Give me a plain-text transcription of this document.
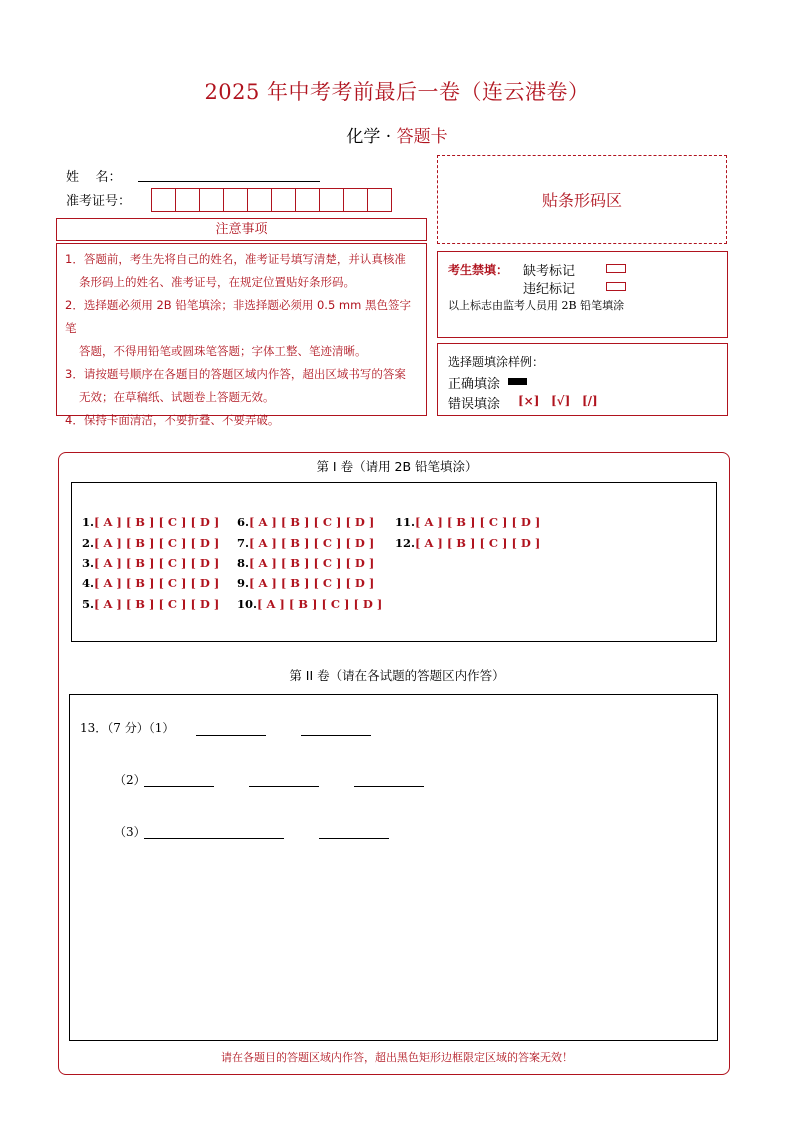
2025 年中考考前最后一卷（连云港卷）
化学 · 答题卡
姓    名：
准考证号：	贴条形码区
注意事项

1．答题前，考生先将自己的姓名，准考证号填写清楚，并认真核准

条形码上的姓名、准考证号，在规定位置贴好条形码。

2．选择题必须用 2B 铅笔填涂；非选择题必须用 0.5 mm 黑色签字笔

答题，不得用铅笔或圆珠笔答题；字体工整、笔迹清晰。

3．请按题号顺序在各题目的答题区域内作答，超出区域书写的答案

无效；在草稿纸、试题卷上答题无效。

4．保持卡面清洁，不要折叠、不要弄破。

考生禁填： 缺考标记
违纪标记
以上标志由监考人员用 2B 铅笔填涂
选择题填涂样例：
正确填涂
错误填涂 [×] [√] [/]
第 I 卷（请用 2B 铅笔填涂）
1.[ A ] [ B ] [ C ] [ D ]
2.[ A ] [ B ] [ C ] [ D ]
3.[ A ] [ B ] [ C ] [ D ]
4.[ A ] [ B ] [ C ] [ D ]
5.[ A ] [ B ] [ C ] [ D ]
6.[ A ] [ B ] [ C ] [ D ]
7.[ A ] [ B ] [ C ] [ D ]
8.[ A ] [ B ] [ C ] [ D ]
9.[ A ] [ B ] [ C ] [ D ]
10.[ A ] [ B ] [ C ] [ D ]
11.[ A ] [ B ] [ C ] [ D ]
12.[ A ] [ B ] [ C ] [ D ]
第 II 卷（请在各试题的答题区内作答）
13．（7 分）（1）
（2）
（3）
请在各题目的答题区域内作答，超出黑色矩形边框限定区域的答案无效！
